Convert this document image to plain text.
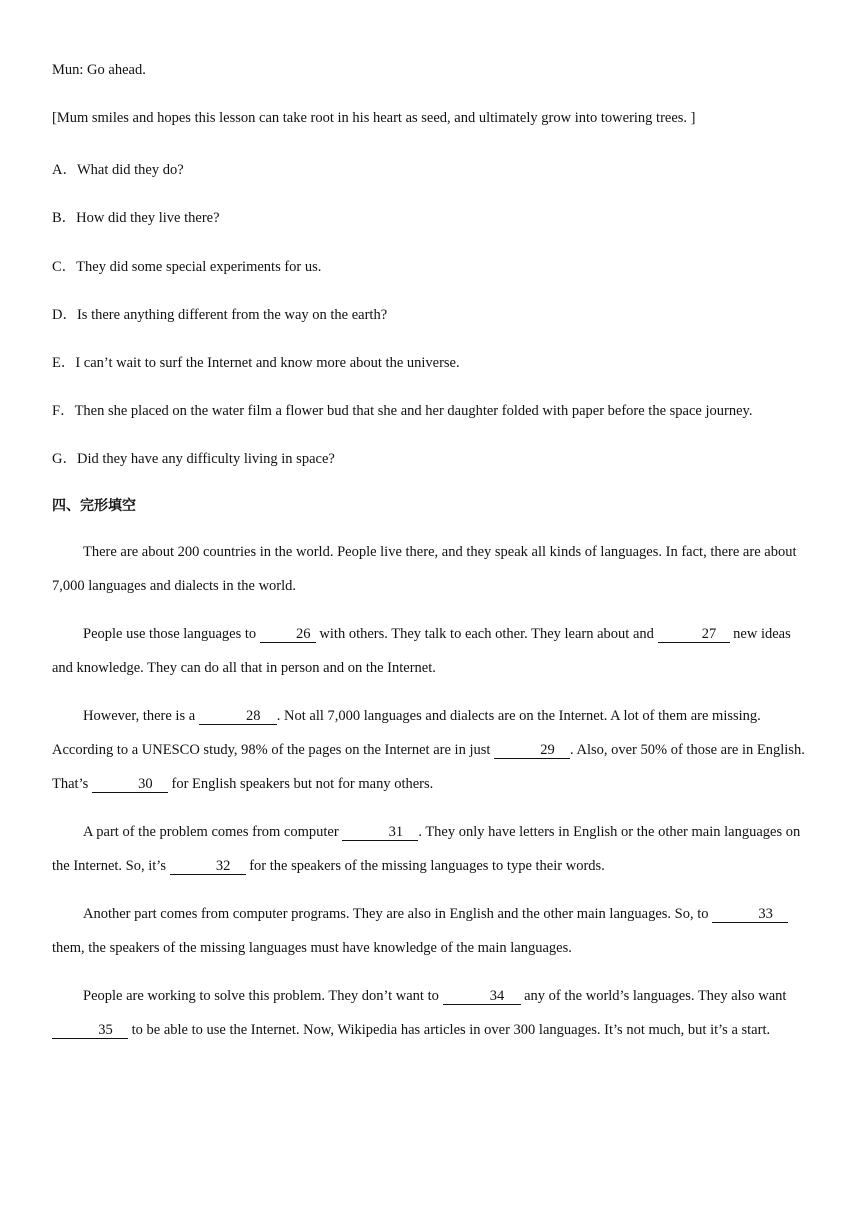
Mun: Go ahead.
[Mum smiles and hopes this lesson can take root in his heart as seed, and ultimately grow into towering trees. ]
A．What did they do?
B．How did they live there?
C．They did some special experiments for us.
D．Is there anything different from the way on the earth?
E．I can’t wait to surf the Internet and know more about the universe.
F．Then she placed on the water film a flower bud that she and her daughter folded with paper before the space journey.
G．Did they have any difficulty living in space?
四、完形填空
There are about 200 countries in the world. People live there, and they speak all kinds of languages. In fact, there are about 7,000 languages and dialects in the world.
People use those languages to	26 with others. They talk to each other. They learn about and	27 new ideas and knowledge. They can do all that in person and on the Internet.
However, there is a	28 . Not all 7,000 languages and dialects are on the Internet. A lot of them are missing. According to a UNESCO study, 98% of the pages on the Internet are in just	29 . Also, over 50% of those are in English. That’s	30 for English speakers but not for many others.
A part of the problem comes from computer	31 . They only have letters in English or the other main languages on the Internet. So, it’s	32 for the speakers of the missing languages to type their words.
Another part comes from computer programs. They are also in English and the other main languages. So, to	33 them, the speakers of the missing languages must have knowledge of the main languages.
People are working to solve this problem. They don’t want to	34 any of the world’s languages. They also want 35 to be able to use the Internet. Now, Wikipedia has articles in over 300 languages. It’s not much, but it’s a start.
